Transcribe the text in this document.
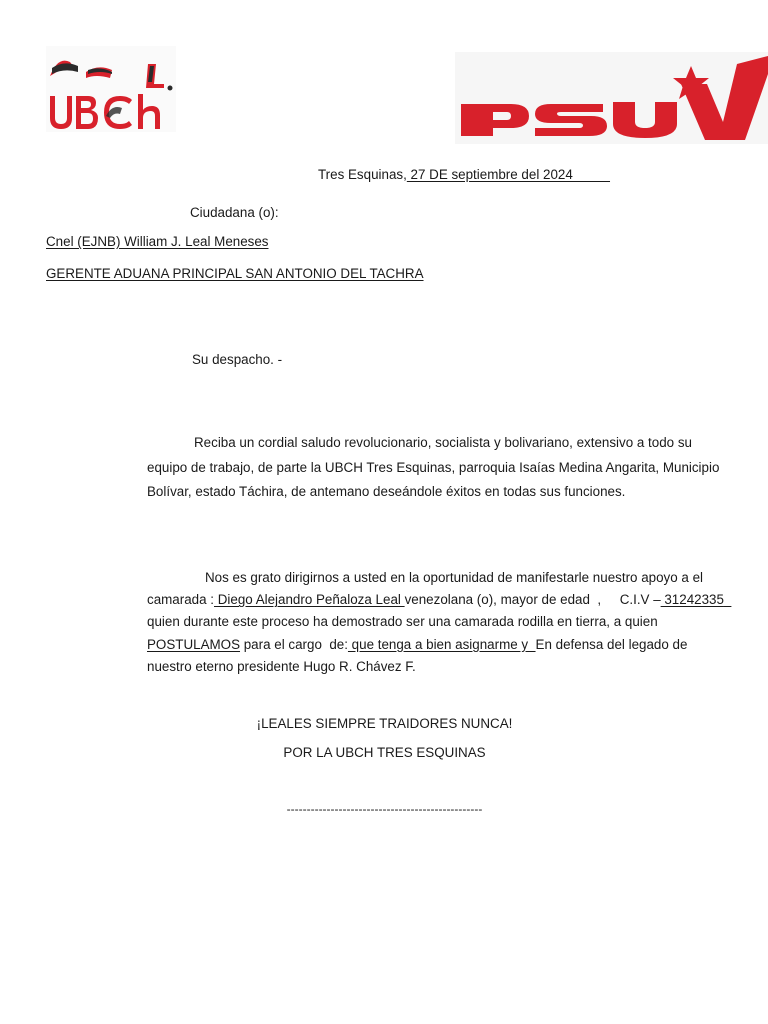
Tres Esquinas, 27 DE septiembre del 2024
Ciudadana (o):
Cnel (EJNB) William J. Leal Meneses
GERENTE ADUANA PRINCIPAL SAN ANTONIO DEL TACHRA
Su despacho. -
Reciba un cordial saludo revolucionario, socialista y bolivariano, extensivo a todo su equipo de trabajo, de parte la UBCH Tres Esquinas, parroquia Isaías Medina Angarita, Municipio Bolívar, estado Táchira, de antemano deseándole éxitos en todas sus funciones.
Nos es grato dirigirnos a usted en la oportunidad de manifestarle nuestro apoyo a el camarada : Diego Alejandro Peñaloza Leal venezolana (o), mayor de edad  ,     C.I.V – 31242335  quien durante este proceso ha demostrado ser una camarada rodilla en tierra, a quien  POSTULAMOS para el cargo  de: que tenga a bien asignarme y  En defensa del legado de nuestro eterno presidente Hugo R. Chávez F.
¡LEALES SIEMPRE TRAIDORES NUNCA!
POR LA UBCH TRES ESQUINAS
-------------------------------------------------
